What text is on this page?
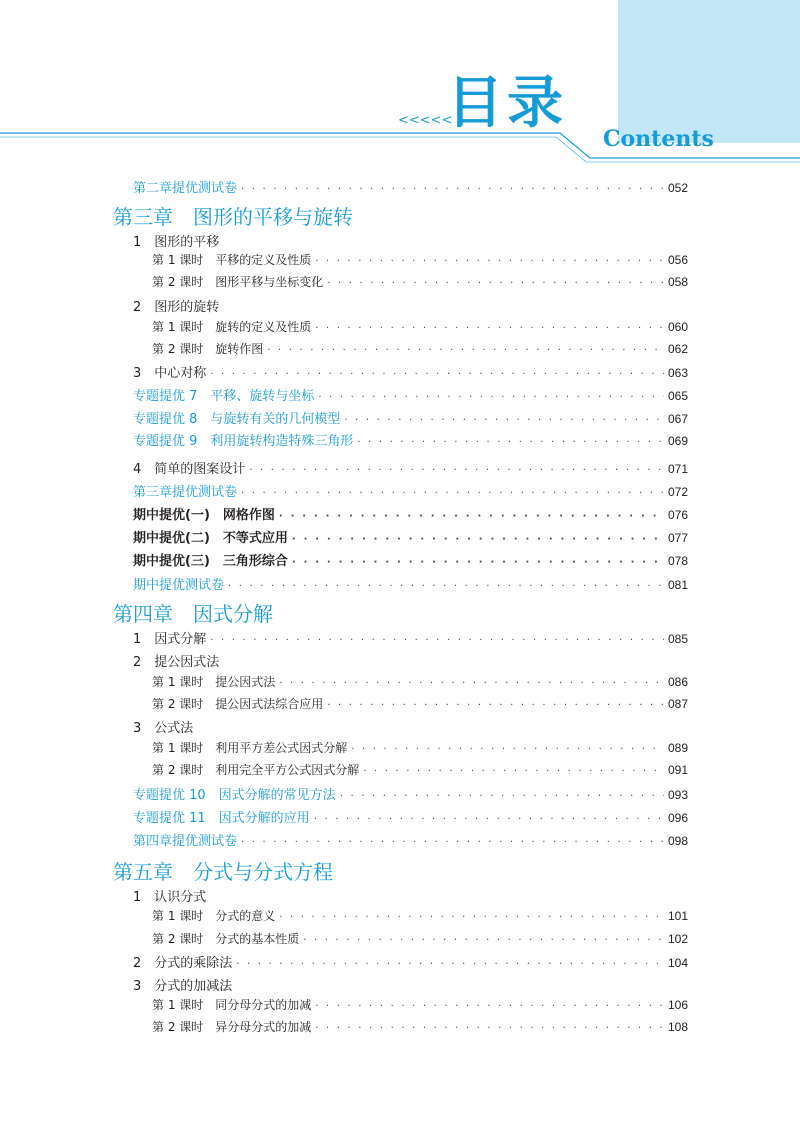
<<<<<
目录
Contents
第二章提优测试卷 · · ·	052
第三章　图形的平移与旋转
1　图形的平移
第 1 课时　平移的定义及性质 · · ·	056
第 2 课时　图形平移与坐标变化 · · ·	058
2　图形的旋转
第 1 课时　旋转的定义及性质 · · ·	060
第 2 课时　旋转作图 · · ·	062
3　中心对称 · · ·	063
专题提优 7　平移、旋转与坐标 · · ·	065
专题提优 8　与旋转有关的几何模型 · · ·	067
专题提优 9　利用旋转构造特殊三角形 · · ·	069
4　简单的图案设计 · · ·	071
第三章提优测试卷 · · ·	072
期中提优(一)　网格作图 · · ·	076
期中提优(二)　不等式应用 · · ·	077
期中提优(三)　三角形综合 · · ·	078
期中提优测试卷 · · ·	081
第四章　因式分解
1　因式分解 · · ·	085
2　提公因式法
第 1 课时　提公因式法 · · ·	086
第 2 课时　提公因式法综合应用 · · ·	087
3　公式法
第 1 课时　利用平方差公式因式分解 · · ·	089
第 2 课时　利用完全平方公式因式分解 · · ·	091
专题提优 10　因式分解的常见方法 · · ·	093
专题提优 11　因式分解的应用 · · ·	096
第四章提优测试卷 · · ·	098
第五章　分式与分式方程
1　认识分式
第 1 课时　分式的意义 · · ·	101
第 2 课时　分式的基本性质 · · ·	102
2　分式的乘除法 · · ·	104
3　分式的加减法
第 1 课时　同分母分式的加减 · · ·	106
第 2 课时　异分母分式的加减 · · ·	108
